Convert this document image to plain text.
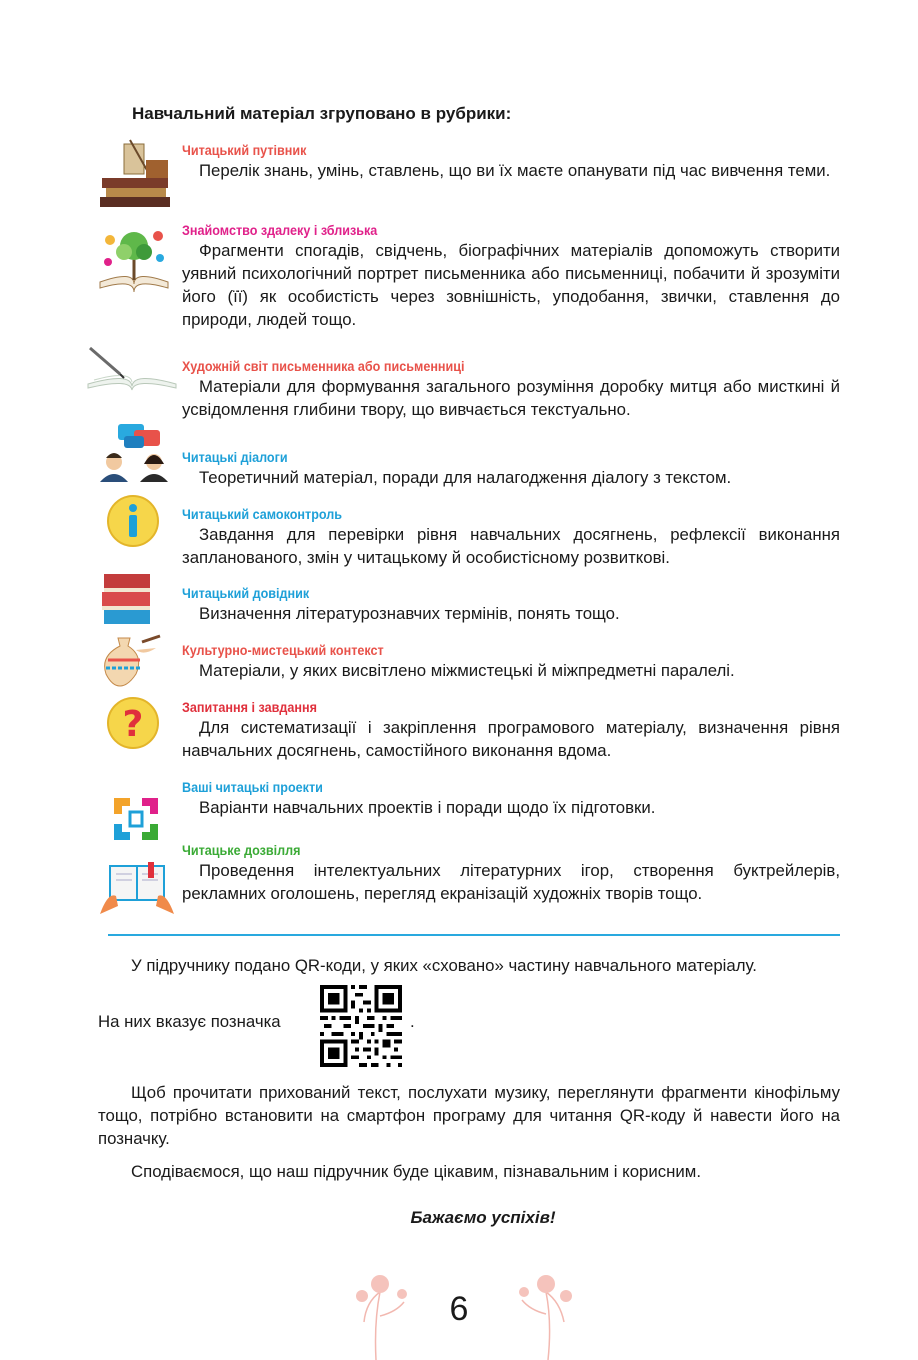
Навчальний матеріал згруповано в рубрики:
?
Читацький путівник

Перелік знань, умінь, ставлень, що ви їх маєте опанувати під час вивчення теми.

Знайомство здалеку і зблизька

Фрагменти спогадів, свідчень, біографічних матеріалів допоможуть створити уявний психологічний портрет письменника або письменниці, побачити й зрозуміти його (її) як особистість через зовнішність, уподобання, звички, ставлення до природи, людей тощо.

Художній світ письменника або письменниці

Матеріали для формування загального розуміння доробку митця або мисткині й усвідомлення глибини твору, що вивчається текстуально.

Читацькі діалоги

Теоретичний матеріал, поради для налагодження діалогу з текстом.

Читацький самоконтроль

Завдання для перевірки рівня навчальних досягнень, рефлексії виконання запланованого, змін у читацькому й особистісному розвиткові.

Читацький довідник

Визначення літературознавчих термінів, понять тощо.

Культурно-мистецький контекст

Матеріали, у яких висвітлено міжмистецькі й міжпредметні паралелі.

Запитання і завдання

Для систематизації і закріплення програмового матеріалу, визначення рівня навчальних досягнень, самостійного виконання вдома.

Ваші читацькі проекти

Варіанти навчальних проектів і поради щодо їх підготовки.

Читацьке дозвілля

Проведення інтелектуальних літературних ігор, створення буктрейлерів, рекламних оголошень, перегляд екранізацій художніх творів тощо.

У підручнику подано QR-коди, у яких «сховано» частину навчального матеріалу.

На них вказує позначка	.

Щоб прочитати прихований текст, послухати музику, переглянути фрагменти кінофільму тощо, потрібно встановити на смартфон програму для читання QR-коду й навести його на позначку.

Сподіваємося, що наш підручник буде цікавим, пізнавальним і корисним.

Бажаємо успіхів!
6
